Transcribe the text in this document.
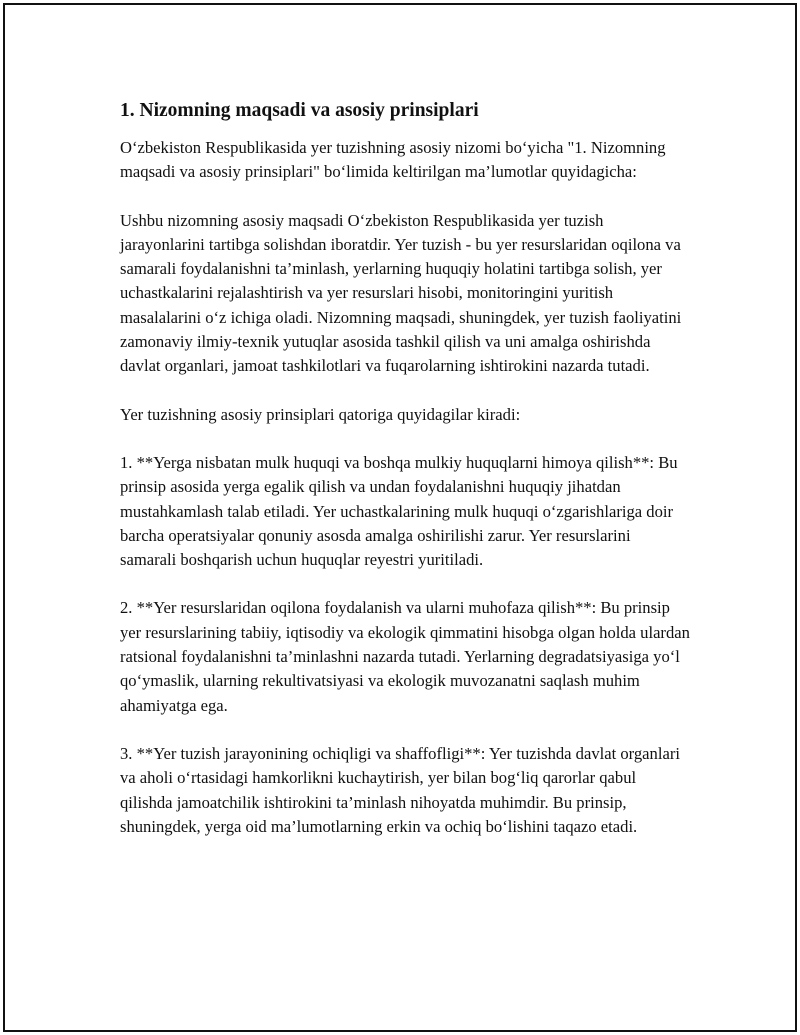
1. Nizomning maqsadi va asosiy prinsiplari

O‘zbekiston Respublikasida yer tuzishning asosiy nizomi bo‘yicha "1. Nizomning maqsadi va asosiy prinsiplari" bo‘limida keltirilgan ma’lumotlar quyidagicha:

Ushbu nizomning asosiy maqsadi O‘zbekiston Respublikasida yer tuzish jarayonlarini tartibga solishdan iboratdir. Yer tuzish - bu yer resurslaridan oqilona va samarali foydalanishni ta’minlash, yerlarning huquqiy holatini tartibga solish, yer uchastkalarini rejalashtirish va yer resurslari hisobi, monitoringini yuritish masalalarini o‘z ichiga oladi. Nizomning maqsadi, shuningdek, yer tuzish faoliyatini zamonaviy ilmiy-texnik yutuqlar asosida tashkil qilish va uni amalga oshirishda davlat organlari, jamoat tashkilotlari va fuqarolarning ishtirokini nazarda tutadi.

Yer tuzishning asosiy prinsiplari qatoriga quyidagilar kiradi:

1. **Yerga nisbatan mulk huquqi va boshqa mulkiy huquqlarni himoya qilish**: Bu prinsip asosida yerga egalik qilish va undan foydalanishni huquqiy jihatdan mustahkamlash talab etiladi. Yer uchastkalarining mulk huquqi o‘zgarishlariga doir barcha operatsiyalar qonuniy asosda amalga oshirilishi zarur. Yer resurslarini samarali boshqarish uchun huquqlar reyestri yuritiladi.

2. **Yer resurslaridan oqilona foydalanish va ularni muhofaza qilish**: Bu prinsip yer resurslarining tabiiy, iqtisodiy va ekologik qimmatini hisobga olgan holda ulardan ratsional foydalanishni ta’minlashni nazarda tutadi. Yerlarning degradatsiyasiga yo‘l qo‘ymaslik, ularning rekultivatsiyasi va ekologik muvozanatni saqlash muhim ahamiyatga ega.

3. **Yer tuzish jarayonining ochiqligi va shaffofligi**: Yer tuzishda davlat organlari va aholi o‘rtasidagi hamkorlikni kuchaytirish, yer bilan bog‘liq qarorlar qabul qilishda jamoatchilik ishtirokini ta’minlash nihoyatda muhimdir. Bu prinsip, shuningdek, yerga oid ma’lumotlarning erkin va ochiq bo‘lishini taqazo etadi.
